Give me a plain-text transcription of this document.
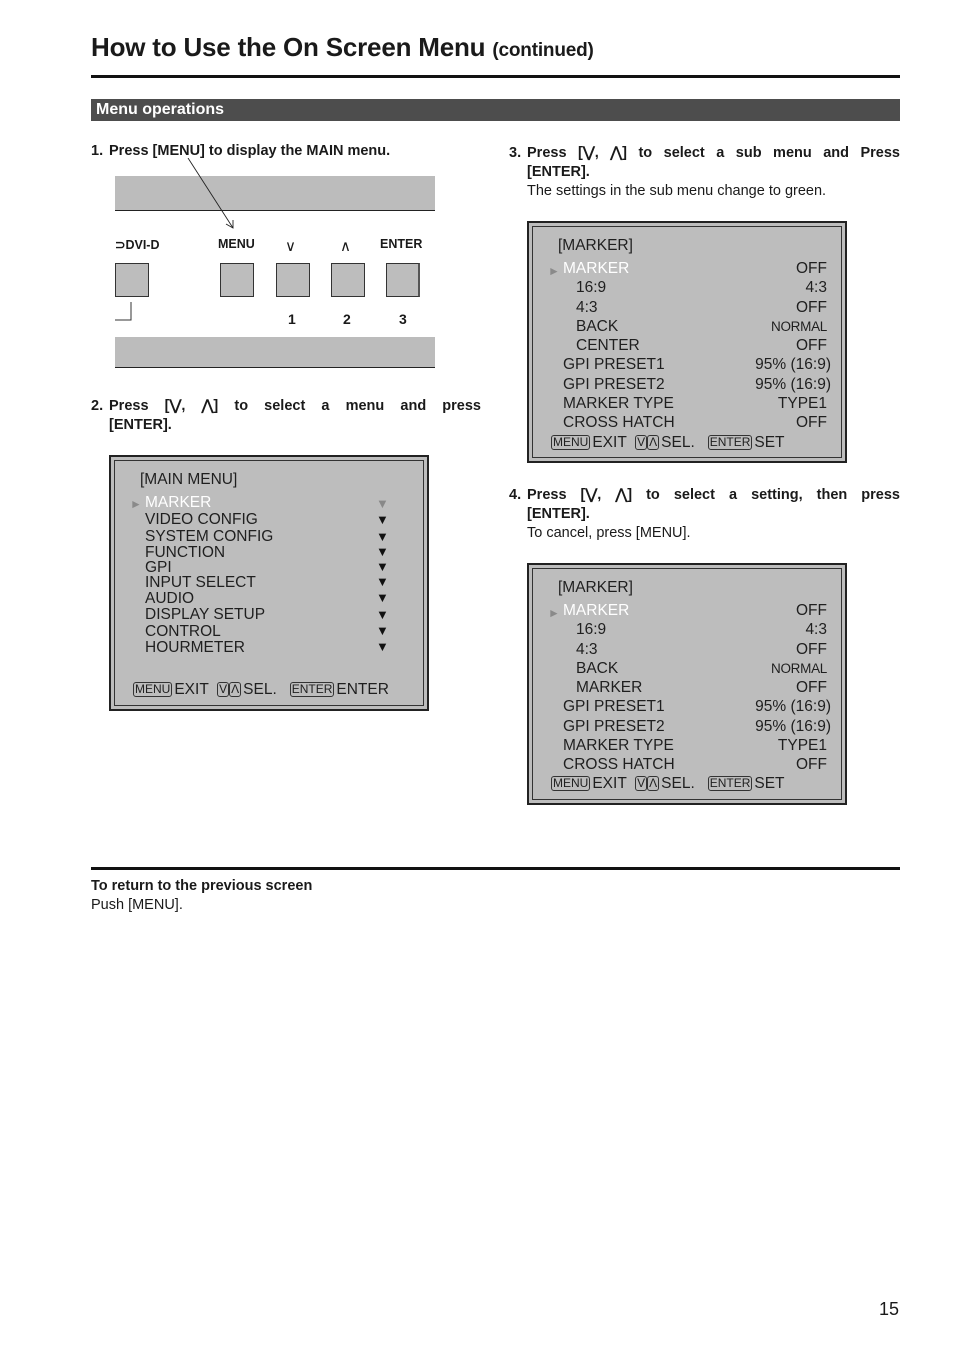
How to Use the On Screen Menu (continued)
Menu operations
1. Press [MENU] to display the MAIN menu.
⊃DVI-D	MENU ∨	∧ ENTER
1	2	3
2. Press [⋁, ⋀] to select a menu and press
[ENTER].
[MAIN MENU]
► MARKER
VIDEO CONFIG
SYSTEM CONFIG
FUNCTION
GPI
INPUT SELECT
AUDIO
DISPLAY SETUP
CONTROL
HOURMETER
▼
▼
▼
▼
▼
▼
▼
▼
▼
▼
MENU EXIT V Λ SEL. ENTER ENTER
3. Press [⋁, ⋀] to select a sub menu and Press
[ENTER].
The settings in the sub menu change to green.
[MARKER]
► MARKER	OFF
16:9	4:3
4:3	OFF
BACK	NORMAL
CENTER	OFF
GPI PRESET1	95% (16:9)
GPI PRESET2	95% (16:9)
MARKER TYPE	TYPE1
CROSS HATCH	OFF
MENU EXIT V Λ SEL. ENTER SET
4. Press [⋁, ⋀] to select a setting, then press
[ENTER].
To cancel, press [MENU].
[MARKER]
► MARKER	OFF
16:9	4:3
4:3	OFF
BACK	NORMAL
MARKER	OFF
GPI PRESET1	95% (16:9)
GPI PRESET2	95% (16:9)
MARKER TYPE	TYPE1
CROSS HATCH	OFF
MENU EXIT V Λ SEL. ENTER SET
To return to the previous screen
Push [MENU].
15
